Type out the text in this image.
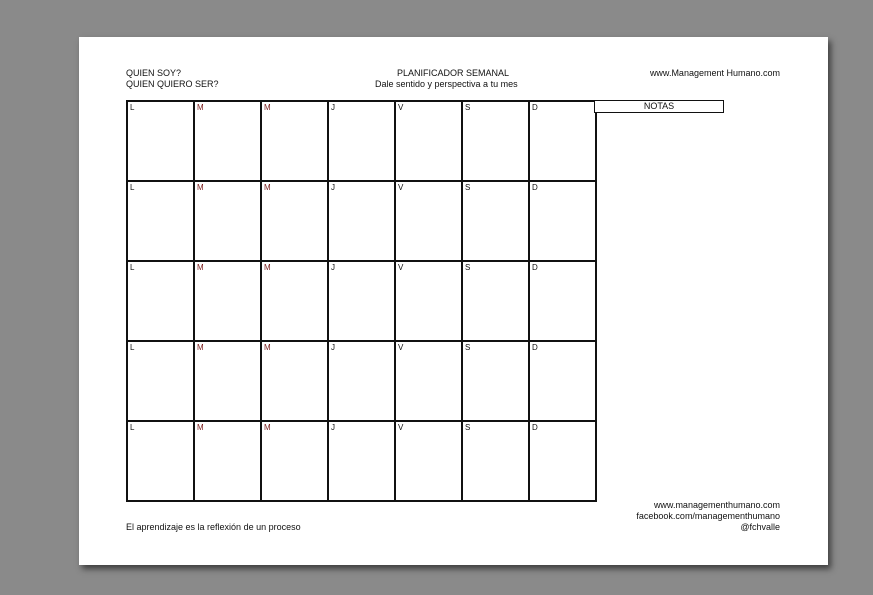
QUIEN SOY?
QUIEN QUIERO SER?
PLANIFICADOR SEMANAL
Dale sentido y perspectiva a tu mes
www.Management Humano.com
L	M	M	J	V	S	D
L	M	M	J	V	S	D
L	M	M	J	V	S	D
L	M	M	J	V	S	D
L	M	M	J	V	S	D
NOTAS
El aprendizaje es la reflexión de un proceso
www.managementhumano.com
facebook.com/managementhumano
@fchvalle
